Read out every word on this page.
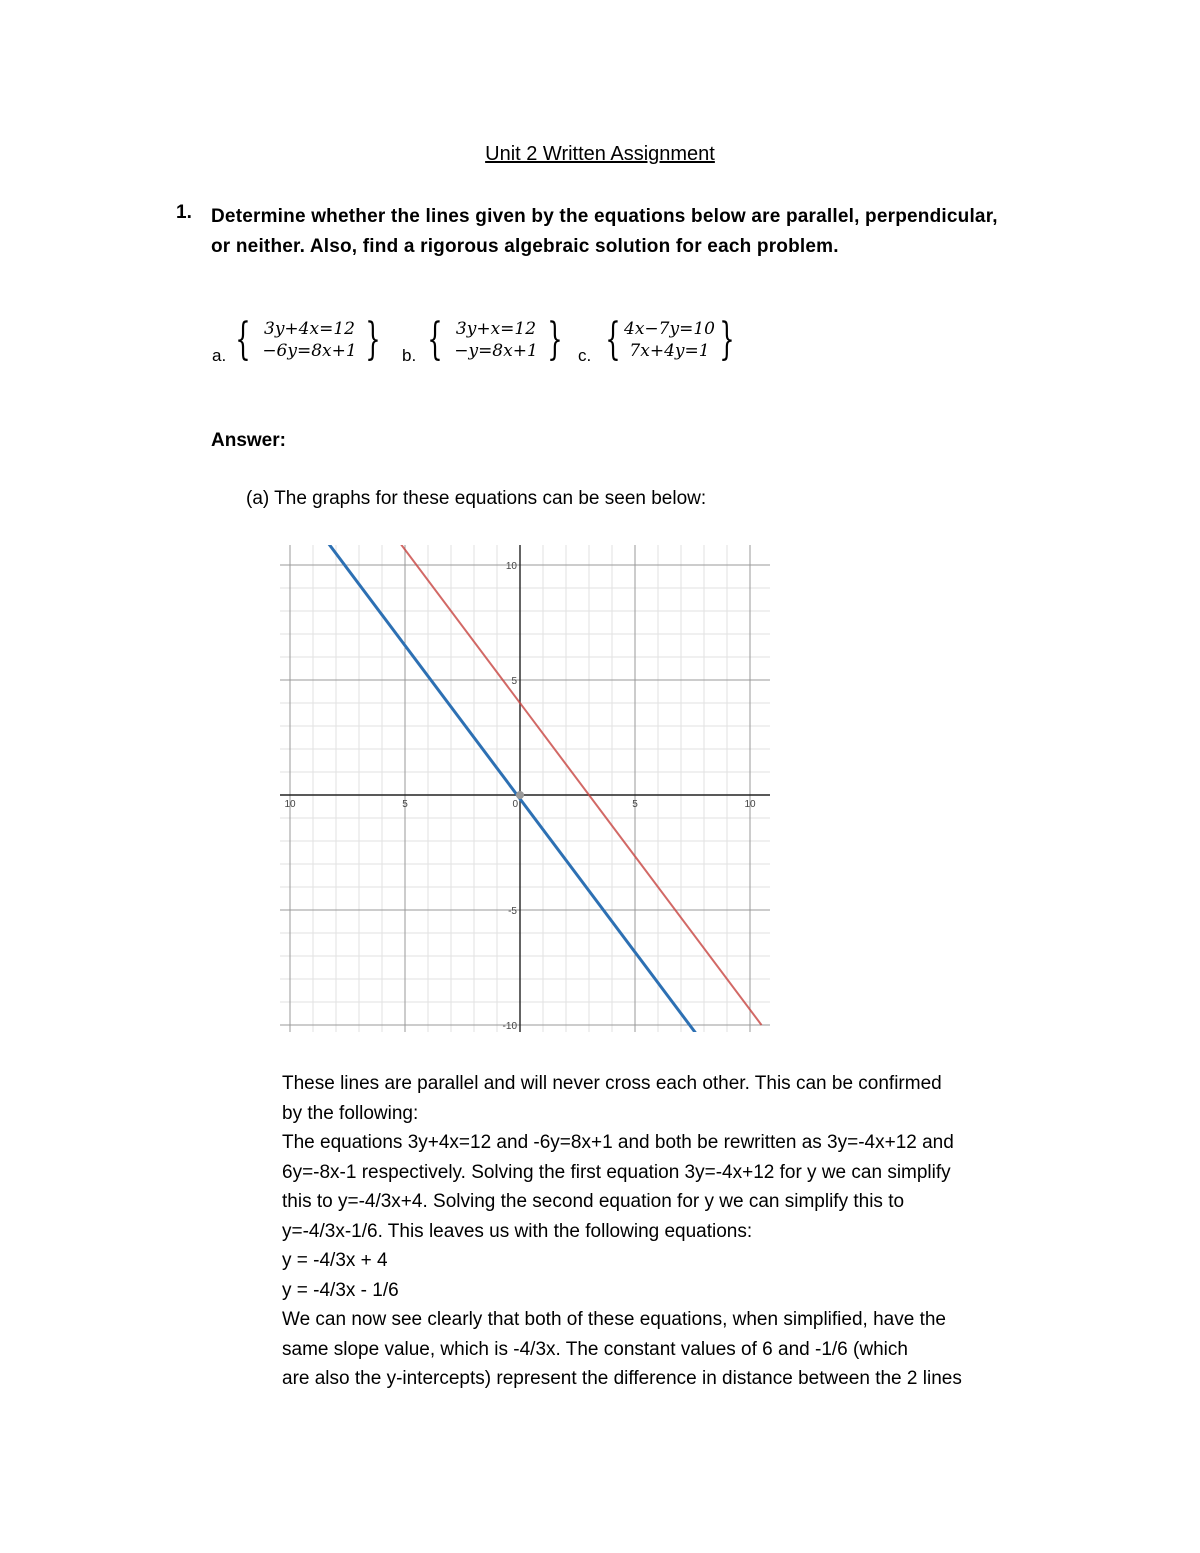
Unit 2 Written Assignment
1. Determine whether the lines given by the equations below are parallel, perpendicular, or neither. Also, find a rigorous algebraic solution for each problem.
a. { 3y+4x=12
−6y=8x+1 } b. { 3y+x=12
−y=8x+1 } c. { 4x−7y=10
7x+4y=1 }
Answer:
(a) The graphs for these equations can be seen below:
10	5	0	5	10
10
5
-5
-10

These lines are parallel and will never cross each other. This can be confirmed

by the following:

The equations 3y+4x=12 and -6y=8x+1 and both be rewritten as 3y=-4x+12 and

6y=-8x-1 respectively. Solving the first equation 3y=-4x+12 for y we can simplify

this to y=-4/3x+4. Solving the second equation for y we can simplify this to

y=-4/3x-1/6. This leaves us with the following equations:

y = -4/3x + 4

y = -4/3x - 1/6

We can now see clearly that both of these equations, when simplified, have the

same slope value, which is -4/3x. The constant values of 6 and -1/6 (which

are also the y-intercepts) represent the difference in distance between the 2 lines
